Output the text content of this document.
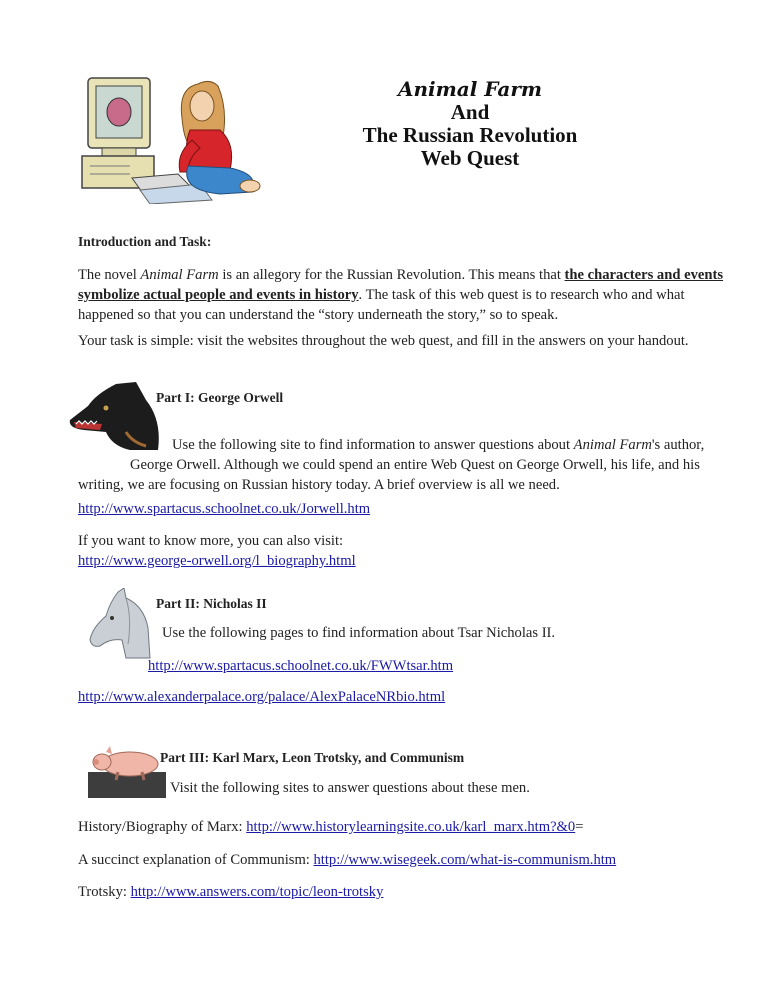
Animal Farm
And
The Russian Revolution
Web Quest

Introduction and Task:

The novel Animal Farm is an allegory for the Russian Revolution. This means that the characters and events
symbolize actual people and events in history. The task of this web quest is to research who and what
happened so that you can understand the “story underneath the story,” so to speak.

Your task is simple: visit the websites throughout the web quest, and fill in the answers on your handout.

Part I: George Orwell

Use the following site to find information to answer questions about Animal Farm's author,

George Orwell. Although we could spend an entire Web Quest on George Orwell, his life, and his

writing, we are focusing on Russian history today. A brief overview is all we need.

http://www.spartacus.schoolnet.co.uk/Jorwell.htm

If you want to know more, you can also visit:

http://www.george-orwell.org/l_biography.html

Part II: Nicholas II

Use the following pages to find information about Tsar Nicholas II.

http://www.spartacus.schoolnet.co.uk/FWWtsar.htm
http://www.alexanderpalace.org/palace/AlexPalaceNRbio.html

Part III: Karl Marx, Leon Trotsky, and Communism

Visit the following sites to answer questions about these men.

History/Biography of Marx: http://www.historylearningsite.co.uk/karl_marx.htm?&0=

A succinct explanation of Communism: http://www.wisegeek.com/what-is-communism.htm

Trotsky: http://www.answers.com/topic/leon-trotsky
